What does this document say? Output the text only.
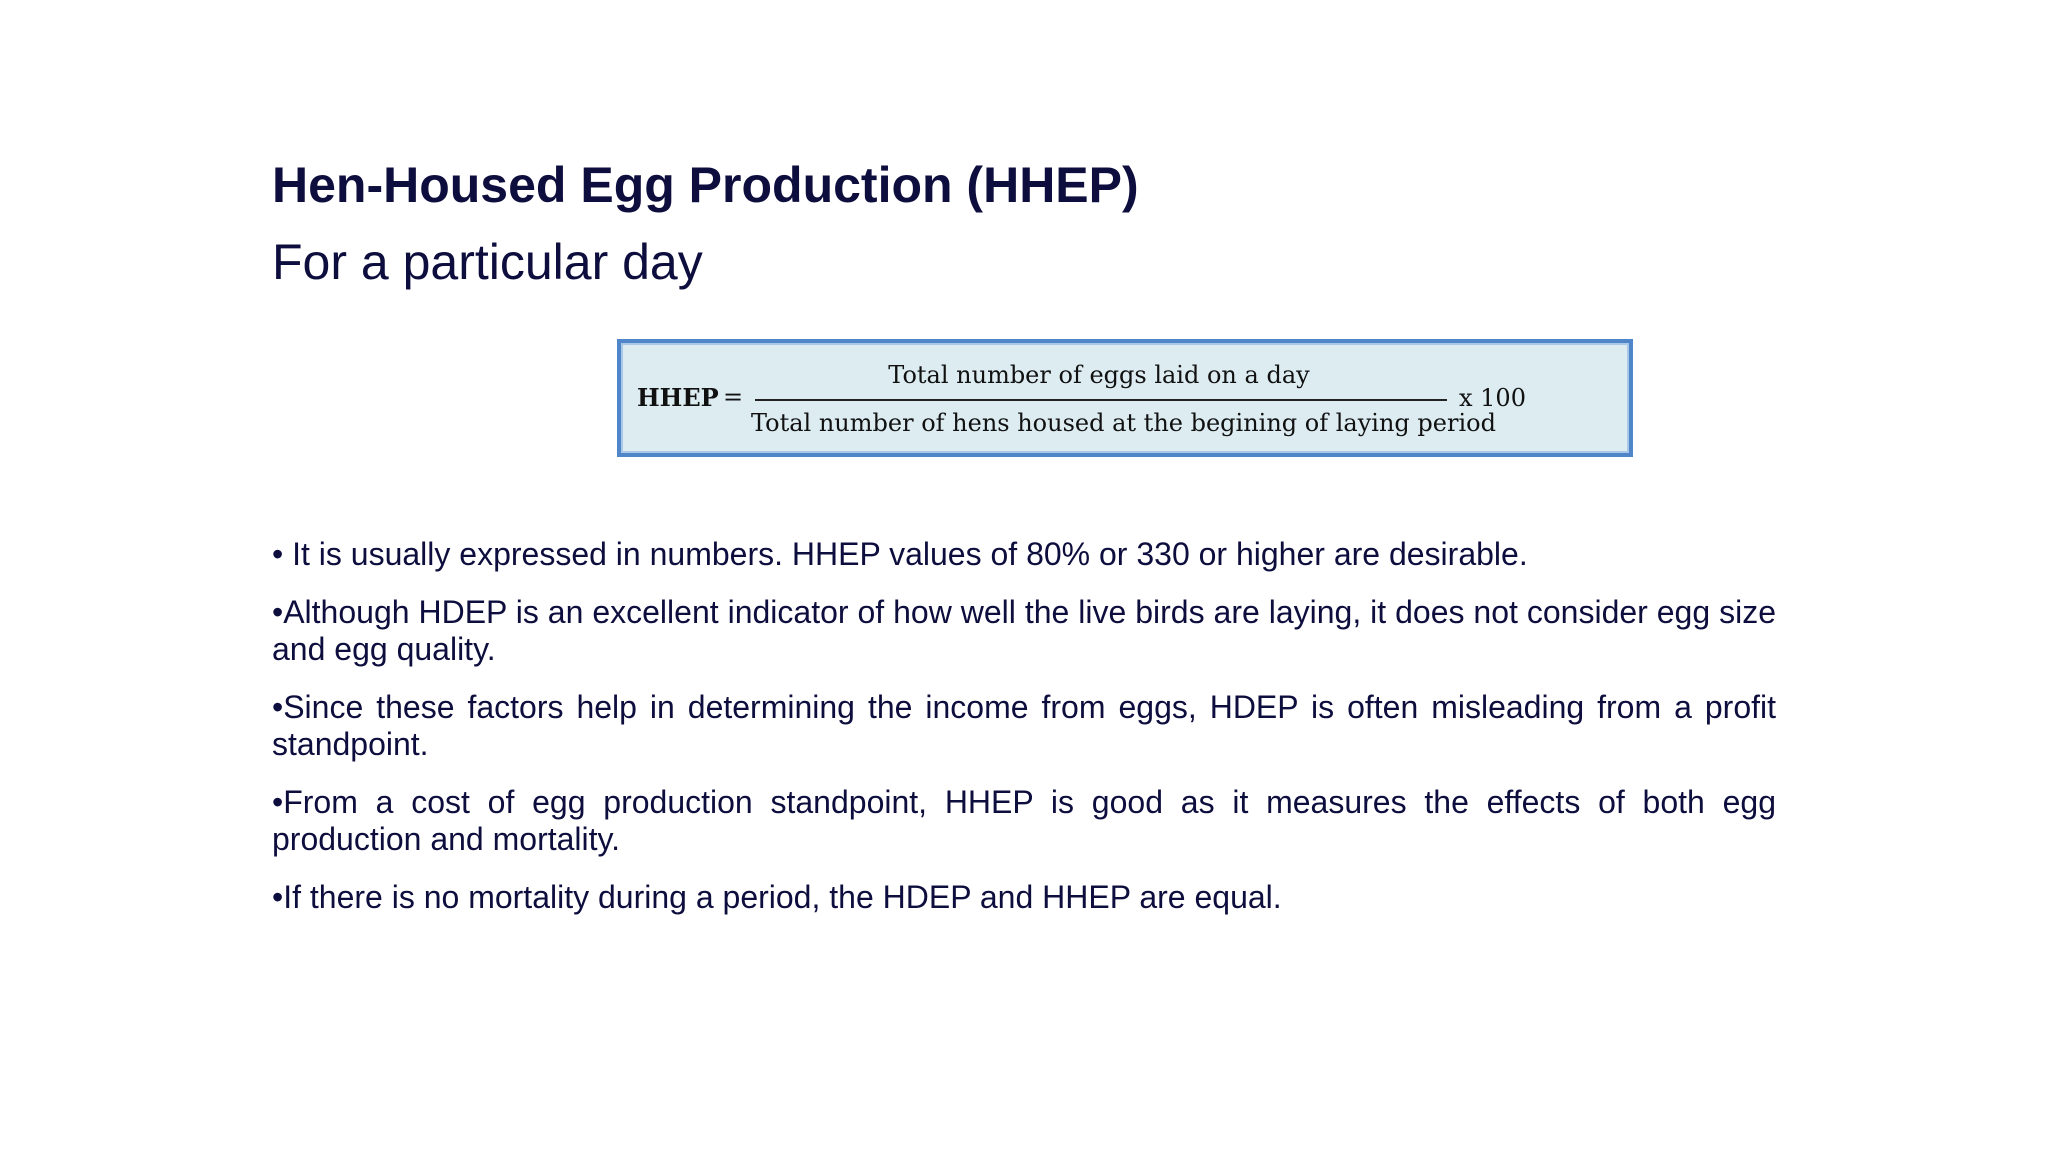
Hen-Housed Egg Production (HHEP)
For a particular day
HHEP =
Total number of eggs laid on a day
Total number of hens housed at the begining of laying period
x 100

• It is usually expressed in numbers. HHEP values of 80% or 330 or higher are desirable.

•Although HDEP is an excellent indicator of how well the live birds are laying, it does not consider egg size and egg quality.

•Since these factors help in determining the income from eggs, HDEP is often misleading from a profit standpoint.

•From a cost of egg production standpoint, HHEP is good as it measures the effects of both egg production and mortality.

•If there is no mortality during a period, the HDEP and HHEP are equal.
